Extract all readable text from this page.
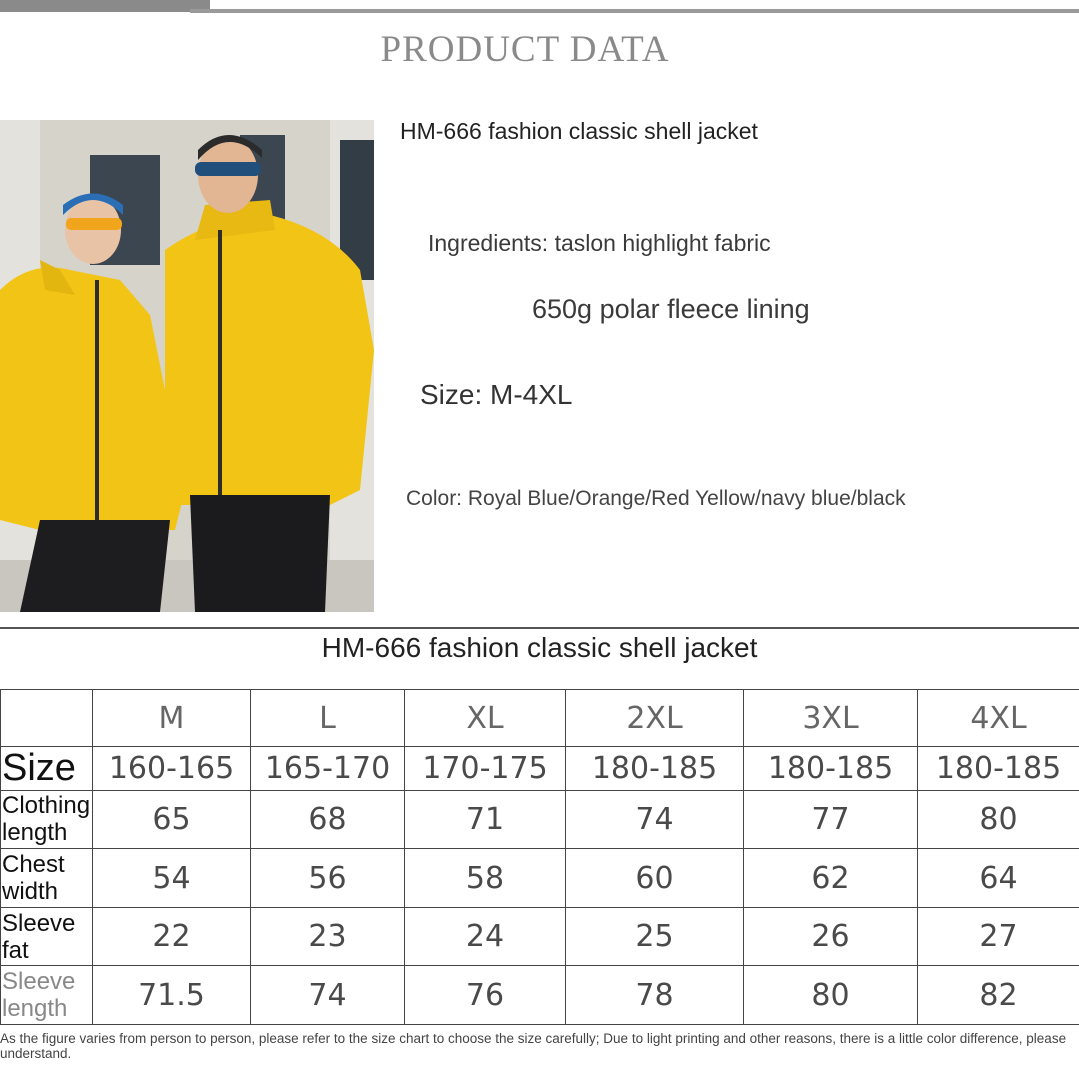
PRODUCT DATA
HM-666 fashion classic shell jacket
Ingredients: taslon highlight fabric
650g polar fleece lining
Size: M-4XL
Color: Royal Blue/Orange/Red Yellow/navy blue/black
HM-666 fashion classic shell jacket
	M	L	XL	2XL	3XL	4XL
Size	160-165	165-170	170-175	180-185	180-185	180-185
Clothing length	65	68	71	74	77	80
Chest width	54	56	58	60	62	64
Sleeve fat	22	23	24	25	26	27
Sleeve length	71.5	74	76	78	80	82
As the figure varies from person to person, please refer to the size chart to choose the size carefully; Due to light printing and other reasons, there is a little color difference, please understand.
